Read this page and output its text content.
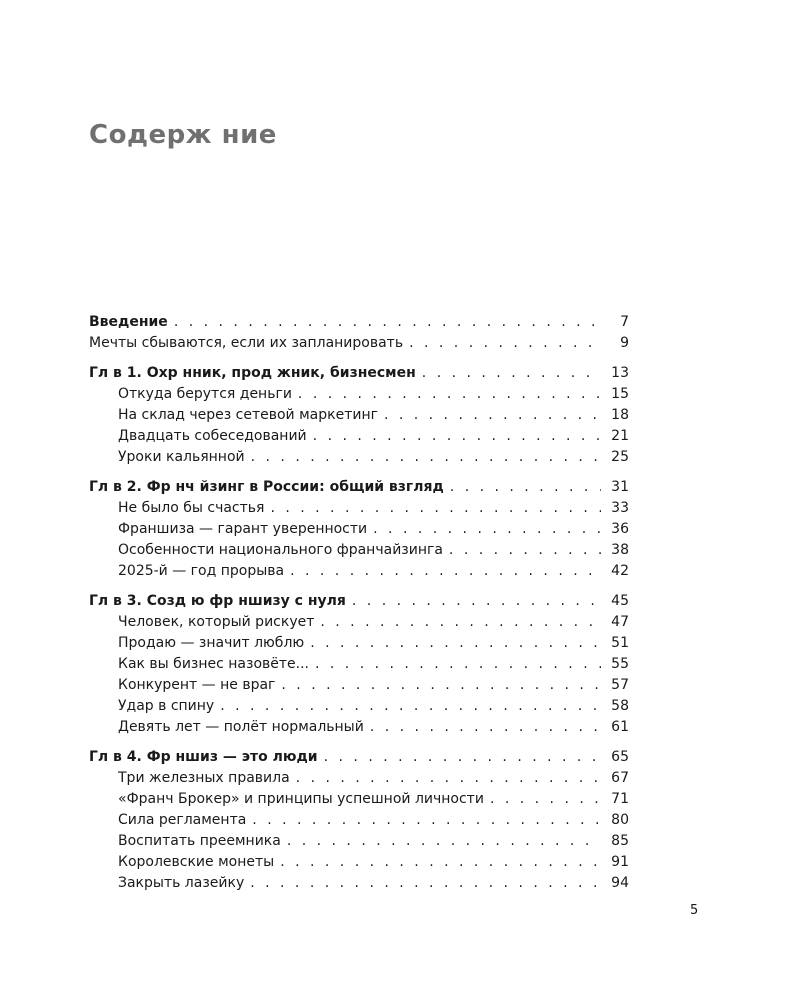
Содерж ние
Введение . . .	7
Мечты сбываются, если их запланировать . . .	9
Гл в 1. Охр нник, прод жник, бизнесмен . . .	13
Откуда берутся деньги . . .	15
На склад через сетевой маркетинг . . .	18
Двадцать собеседований . . .	21
Уроки кальянной . . .	25
Гл в 2. Фр нч йзинг в России: общий взгляд . . .	31
Не было бы счастья . . .	33
Франшиза — гарант уверенности . . .	36
Особенности национального франчайзинга . . .	38
2025-й — год прорыва . . .	42
Гл в 3. Созд ю фр ншизу с нуля . . .	45
Человек, который рискует . . .	47
Продаю — значит люблю . . .	51
Как вы бизнес назовёте... . . .	55
Конкурент — не враг . . .	57
Удар в спину . . .	58
Девять лет — полёт нормальный . . .	61
Гл в 4. Фр ншиз — это люди . . .	65
Три железных правила . . .	67
«Франч Брокер» и принципы успешной личности . . .	71
Сила регламента . . .	80
Воспитать преемника . . .	85
Королевские монеты . . .	91
Закрыть лазейку . . .	94
5
